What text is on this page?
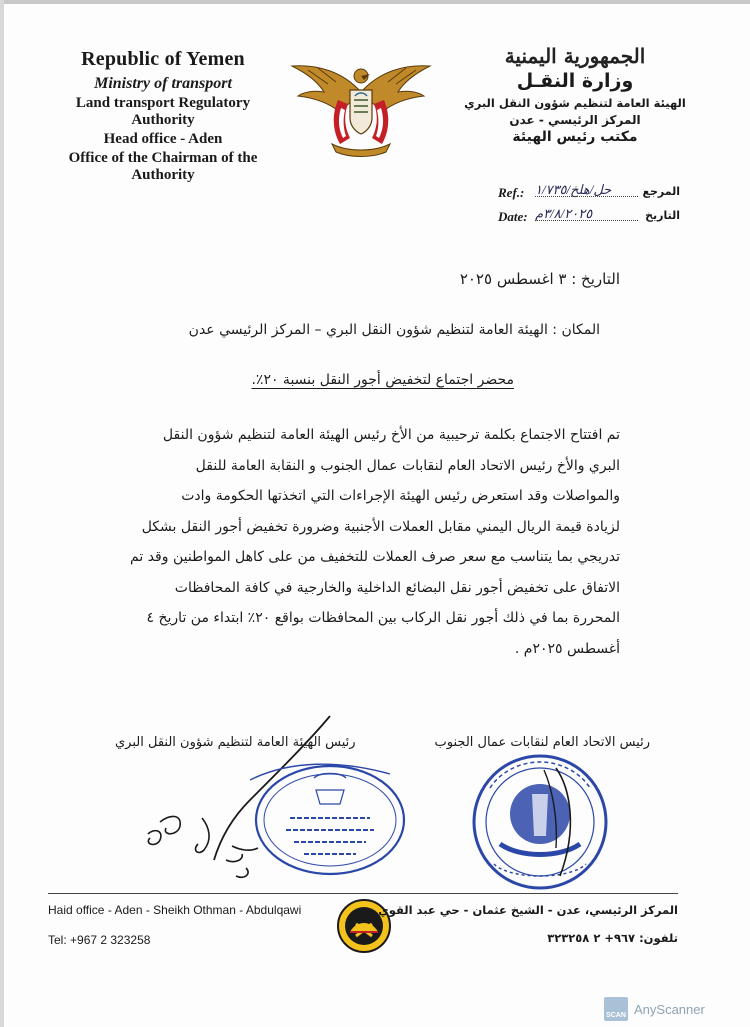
Republic of Yemen
Ministry of transport
Land transport Regulatory Authority
Head office - Aden
Office of the Chairman of the Authority
الجمهورية اليمنية
وزارة النقـل
الهيئة العامة لتنظيم شؤون النقل البري
المركز الرئيسي - عدن
مكتب رئيس الهيئة
Ref.: حل/هلخ/١/٧٣٥	المرجع
Date: ٣/٨/٢٠٢٥م	التاريخ
التاريخ : ٣ اغسطس ٢٠٢٥
المكان : الهيئة العامة لتنظيم شؤون النقل البري – المركز الرئيسي عدن
محضر اجتماع لتخفيض أجور النقل بنسبة ٢٠٪.
تم افتتاح الاجتماع بكلمة ترحيبية من الأخ رئيس الهيئة العامة لتنظيم شؤون النقل
البري والأخ رئيس الاتحاد العام لنقابات عمال الجنوب و النقابة العامة للنقل
والمواصلات وقد استعرض رئيس الهيئة الإجراءات التي اتخذتها الحكومة وادت
لزيادة قيمة الريال اليمني مقابل العملات الأجنبية وضرورة تخفيض أجور النقل بشكل
تدريجي بما يتناسب مع سعر صرف العملات للتخفيف من على كاهل المواطنين وقد تم
الاتفاق على تخفيض أجور نقل البضائع الداخلية والخارجية في كافة المحافظات
المحررة بما في ذلك أجور نقل الركاب بين المحافظات بواقع ٢٠٪ ابتداء من تاريخ ٤
أغسطس ٢٠٢٥م .
رئيس الهيئة العامة لتنظيم شؤون النقل البري	رئيس الاتحاد العام لنقابات عمال الجنوب
Haid office - Aden - Sheikh Othman - Abdulqawi
Tel: +967 2 323258
المركز الرئيسي، عدن - الشيخ عثمان - حي عبد القوي
تلفون: ٩٦٧+ ٢ ٣٢٣٢٥٨
SCAN AnyScanner
